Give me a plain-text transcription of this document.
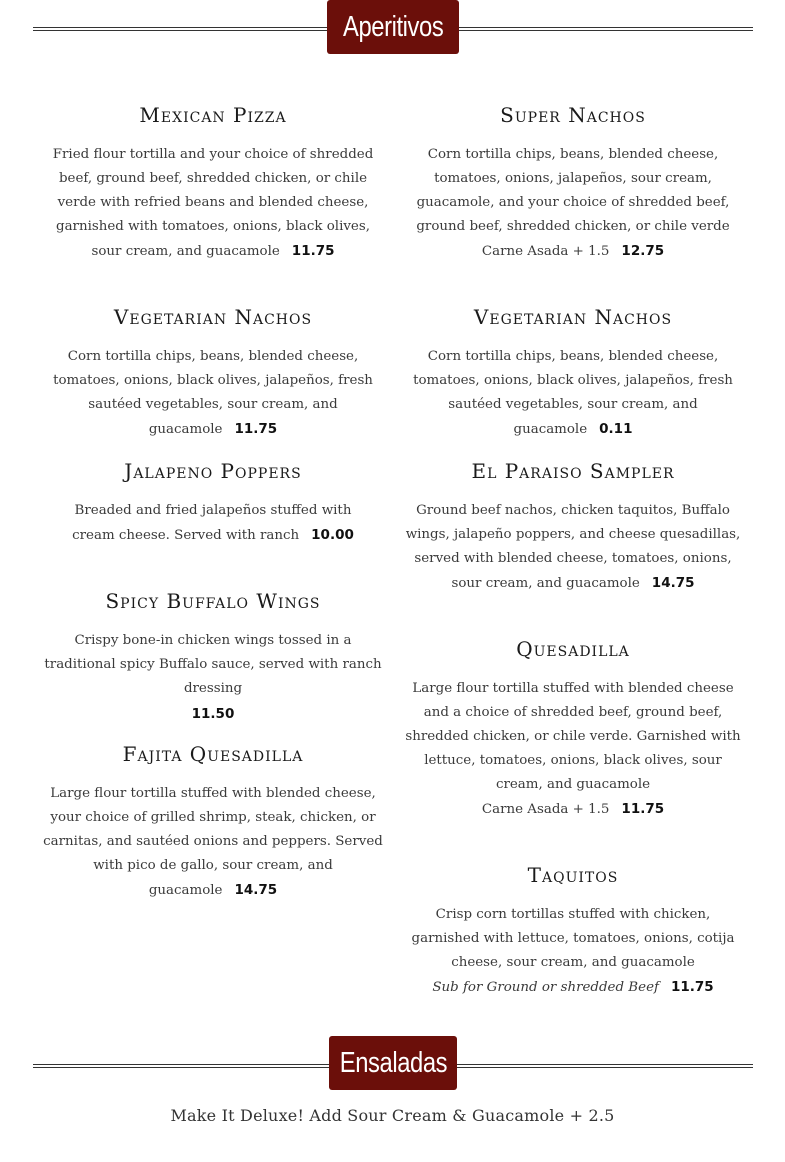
Aperitivos
Mexican Pizza

Fried flour tortilla and your choice of shredded beef, ground beef, shredded chicken, or chile verde with refried beans and blended cheese, garnished with tomatoes, onions, black olives, sour cream, and guacamole 11.75

Vegetarian Nachos

Corn tortilla chips, beans, blended cheese, tomatoes, onions, black olives, jalapeños, fresh sautéed vegetables, sour cream, and guacamole 11.75

Jalapeno Poppers

Breaded and fried jalapeños stuffed with cream cheese. Served with ranch 10.00

Spicy Buffalo Wings

Crispy bone-in chicken wings tossed in a traditional spicy Buffalo sauce, served with ranch dressing

11.50
Fajita Quesadilla

Large flour tortilla stuffed with blended cheese, your choice of grilled shrimp, steak, chicken, or carnitas, and sautéed onions and peppers. Served with pico de gallo, sour cream, and guacamole 14.75

Super Nachos

Corn tortilla chips, beans, blended cheese, tomatoes, onions, jalapeños, sour cream, guacamole, and your choice of shredded beef, ground beef, shredded chicken, or chile verde

Carne Asada + 1.5 12.75
Vegetarian Nachos

Corn tortilla chips, beans, blended cheese, tomatoes, onions, black olives, jalapeños, fresh sautéed vegetables, sour cream, and guacamole 0.11

El Paraiso Sampler

Ground beef nachos, chicken taquitos, Buffalo wings, jalapeño poppers, and cheese quesadillas, served with blended cheese, tomatoes, onions, sour cream, and guacamole 14.75

Quesadilla

Large flour tortilla stuffed with blended cheese and a choice of shredded beef, ground beef, shredded chicken, or chile verde. Garnished with lettuce, tomatoes, onions, black olives, sour cream, and guacamole

Carne Asada + 1.5 11.75
Taquitos

Crisp corn tortillas stuffed with chicken, garnished with lettuce, tomatoes, onions, cotija cheese, sour cream, and guacamole

Sub for Ground or shredded Beef 11.75
Ensaladas
Make It Deluxe! Add Sour Cream & Guacamole + 2.5
